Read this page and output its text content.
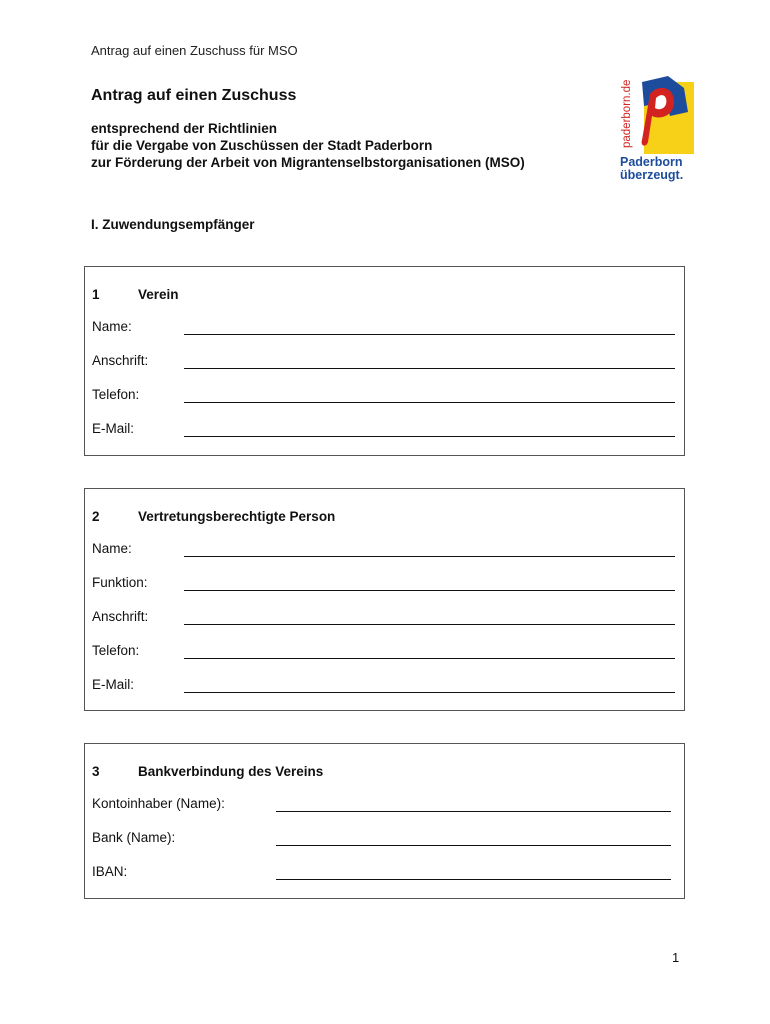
Antrag auf einen Zuschuss für MSO
Antrag auf einen Zuschuss
entsprechend der Richtlinien
für die Vergabe von Zuschüssen der Stadt Paderborn
zur Förderung der Arbeit von Migrantenselbstorganisationen (MSO)
paderborn.de
Paderborn
überzeugt.
I. Zuwendungsempfänger
1	Verein
Name:
Anschrift:
Telefon:
E-Mail:
2	Vertretungsberechtigte Person
Name:
Funktion:
Anschrift:
Telefon:
E-Mail:
3	Bankverbindung des Vereins
Kontoinhaber (Name):
Bank (Name):
IBAN:
1
